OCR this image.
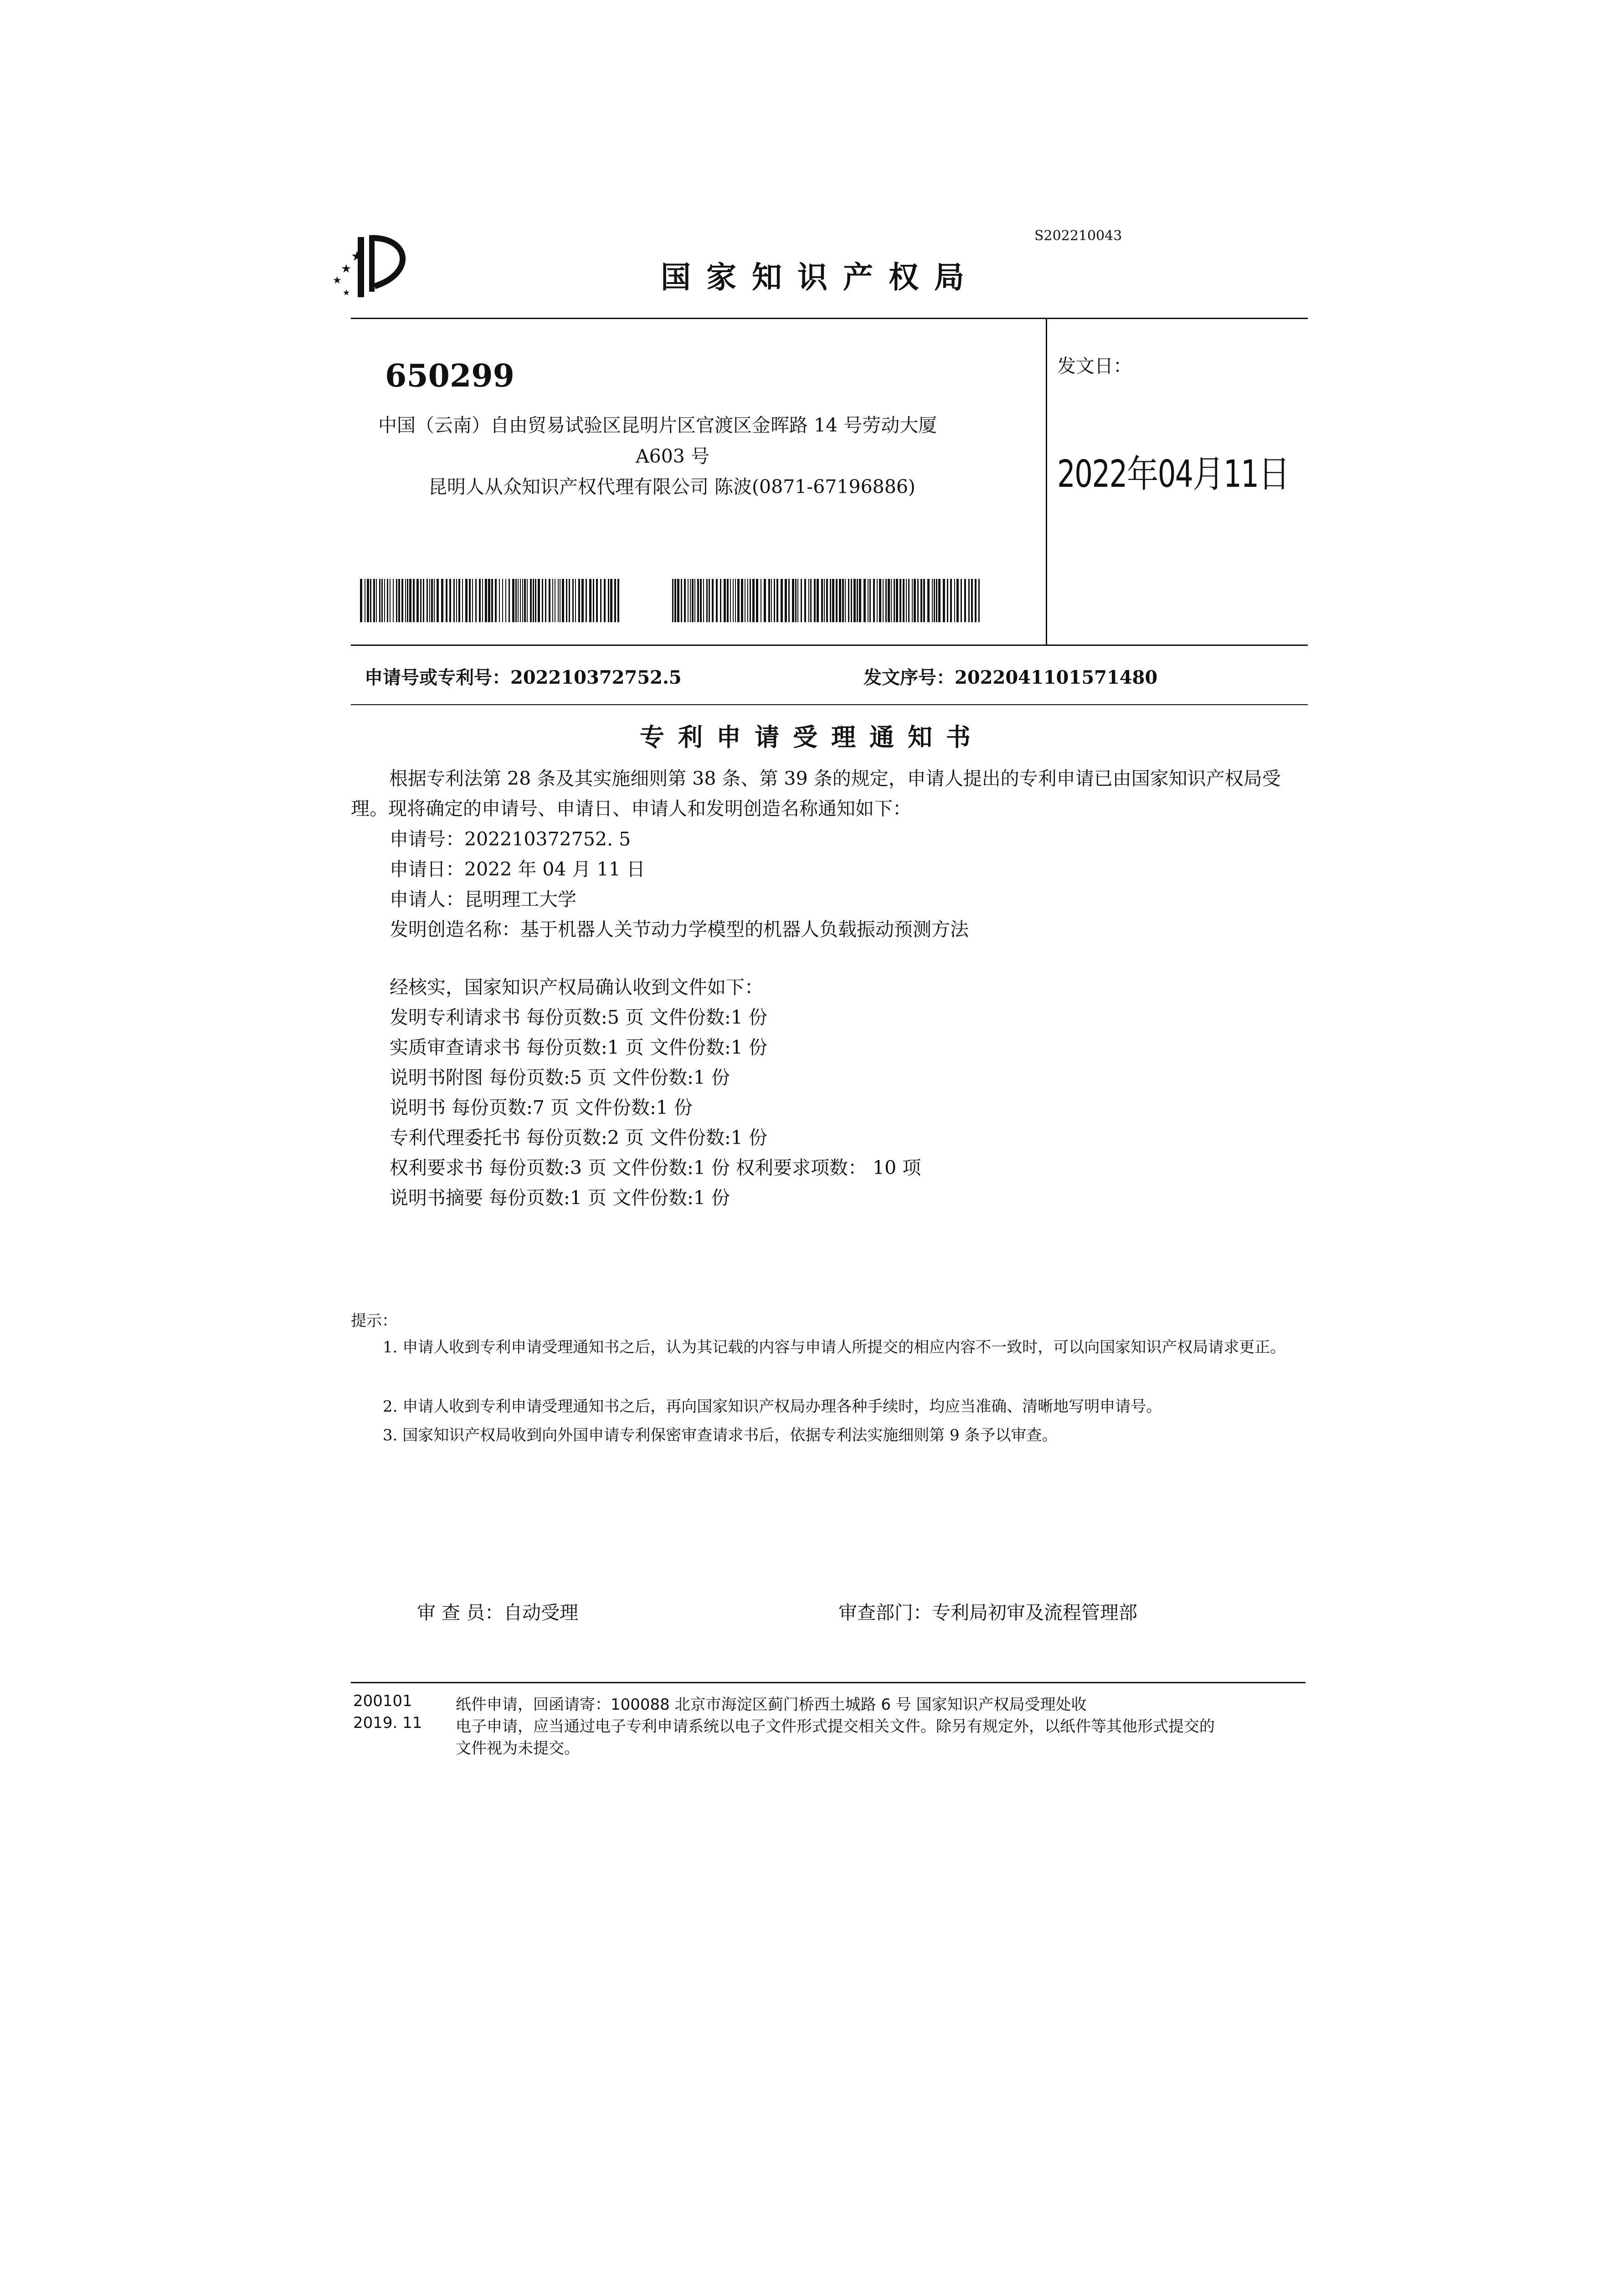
S202210043
★
★
★
★	国家知识产权局
650299
中国（云南）自由贸易试验区昆明片区官渡区金晖路 14 号劳动大厦
A603 号
昆明人从众知识产权代理有限公司 陈波(0871-67196886)
发文日：
2022年04月11日
申请号或专利号：202210372752.5	发文序号：2022041101571480
专利申请受理通知书
根据专利法第 28 条及其实施细则第 38 条、第 39 条的规定，申请人提出的专利申请已由国家知识产权局受理。现将确定的申请号、申请日、申请人和发明创造名称通知如下：
申请号：202210372752. 5
申请日：2022 年 04 月 11 日
申请人：昆明理工大学
发明创造名称：基于机器人关节动力学模型的机器人负载振动预测方法
经核实，国家知识产权局确认收到文件如下：
发明专利请求书 每份页数:5 页 文件份数:1 份
实质审查请求书 每份页数:1 页 文件份数:1 份
说明书附图 每份页数:5 页 文件份数:1 份
说明书 每份页数:7 页 文件份数:1 份
专利代理委托书 每份页数:2 页 文件份数:1 份
权利要求书 每份页数:3 页 文件份数:1 份 权利要求项数： 10 项
说明书摘要 每份页数:1 页 文件份数:1 份
提示：
1. 申请人收到专利申请受理通知书之后，认为其记载的内容与申请人所提交的相应内容不一致时，可以向国家知识产权局请求更正。
2. 申请人收到专利申请受理通知书之后，再向国家知识产权局办理各种手续时，均应当准确、清晰地写明申请号。
3. 国家知识产权局收到向外国申请专利保密审查请求书后，依据专利法实施细则第 9 条予以审查。
审 查 员：自动受理	审查部门：专利局初审及流程管理部
200101
2019. 11
纸件申请，回函请寄：100088 北京市海淀区蓟门桥西土城路 6 号 国家知识产权局受理处收
电子申请，应当通过电子专利申请系统以电子文件形式提交相关文件。除另有规定外，以纸件等其他形式提交的
文件视为未提交。
